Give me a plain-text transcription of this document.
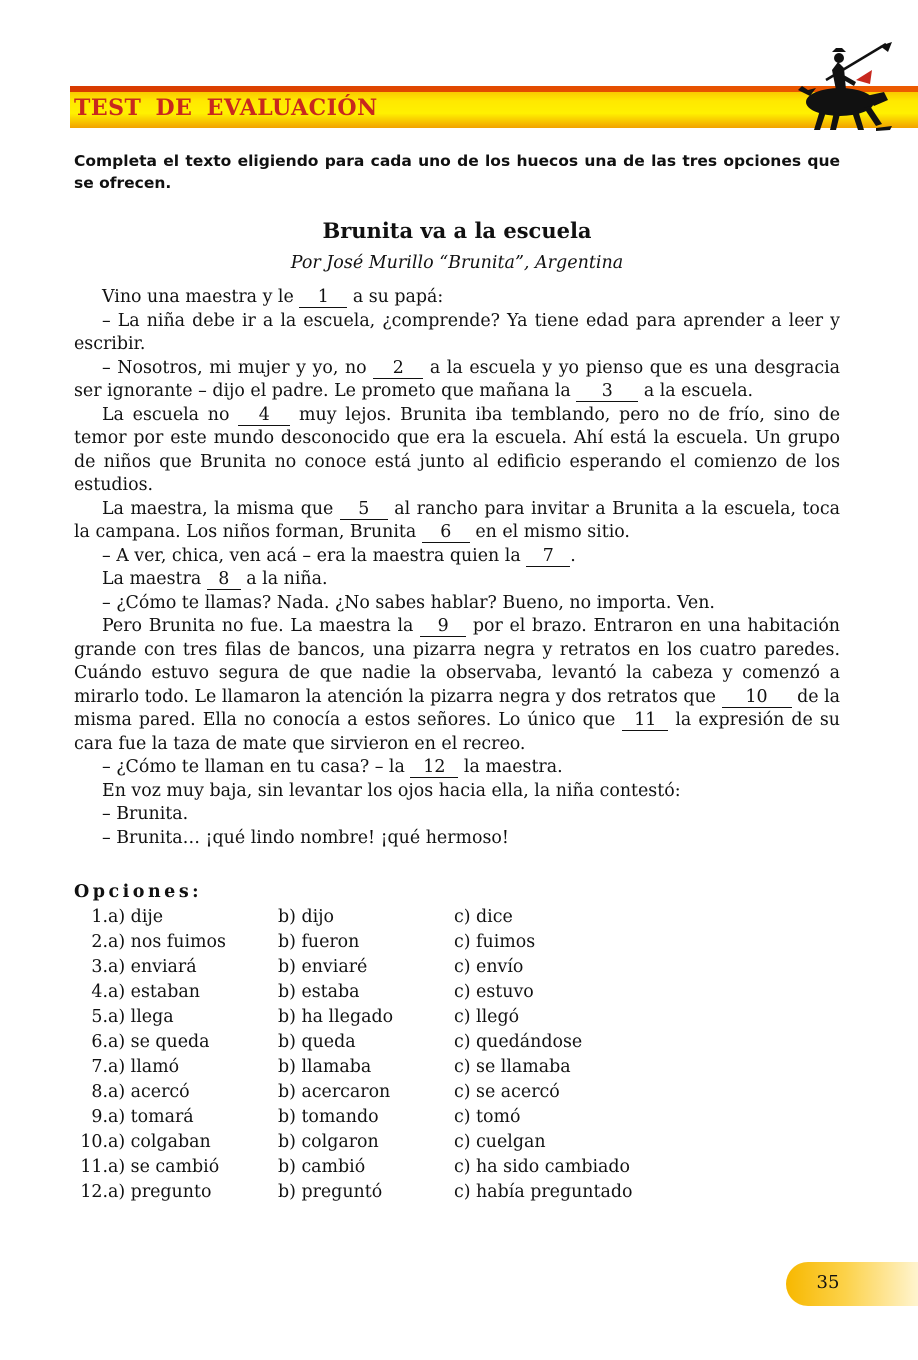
TEST DE EVALUACIÓN
Completa el texto eligiendo para cada uno de los huecos una de las tres opciones que se ofrecen.
Brunita va a la escuela
Por José Murillo “Brunita”, Argentina

Vino una maestra y le 1 a su papá:

– La niña debe ir a la escuela, ¿comprende? Ya tiene edad para aprender a leer y escribir.

– Nosotros, mi mujer y yo, no 2 a la escuela y yo pienso que es una desgracia ser ignorante – dijo el padre. Le prometo que mañana la 3 a la escuela.

La escuela no 4 muy lejos. Brunita iba temblando, pero no de frío, sino de temor por este mundo desconocido que era la escuela. Ahí está la escuela. Un grupo de niños que Brunita no conoce está junto al edificio esperando el comienzo de los estudios.

La maestra, la misma que 5 al rancho para invitar a Brunita a la escuela, toca la campana. Los niños forman, Brunita 6 en el mismo sitio.

– A ver, chica, ven acá – era la maestra quien la 7 .

La maestra 8 a la niña.

– ¿Cómo te llamas? Nada. ¿No sabes hablar? Bueno, no importa. Ven.

Pero Brunita no fue. La maestra la 9 por el brazo. Entraron en una habitación grande con tres filas de bancos, una pizarra negra y retratos en los cuatro paredes. Cuándo estuvo segura de que nadie la observaba, levantó la cabeza y comenzó a mirarlo todo. Le llamaron la atención la pizarra negra y dos retratos que 10 de la misma pared. Ella no conocía a estos señores. Lo único que 11 la expresión de su cara fue la taza de mate que sirvieron en el recreo.

– ¿Cómo te llaman en tu casa? – la 12 la maestra.

En voz muy baja, sin levantar los ojos hacia ella, la niña contestó:

– Brunita.

– Brunita… ¡qué lindo nombre! ¡qué hermoso!

Opciones:
1. a) dije	b) dijo	c) dice
2. a) nos fuimos	b) fueron	c) fuimos
3. a) enviará	b) enviaré	c) envío
4. a) estaban	b) estaba	c) estuvo
5. a) llega	b) ha llegado	c) llegó
6. a) se queda	b) queda	c) quedándose
7. a) llamó	b) llamaba	c) se llamaba
8. a) acercó	b) acercaron	c) se acercó
9. a) tomará	b) tomando	c) tomó
10. a) colgaban	b) colgaron	c) cuelgan
11. a) se cambió	b) cambió	c) ha sido cambiado
12. a) pregunto	b) preguntó	c) había preguntado
35
